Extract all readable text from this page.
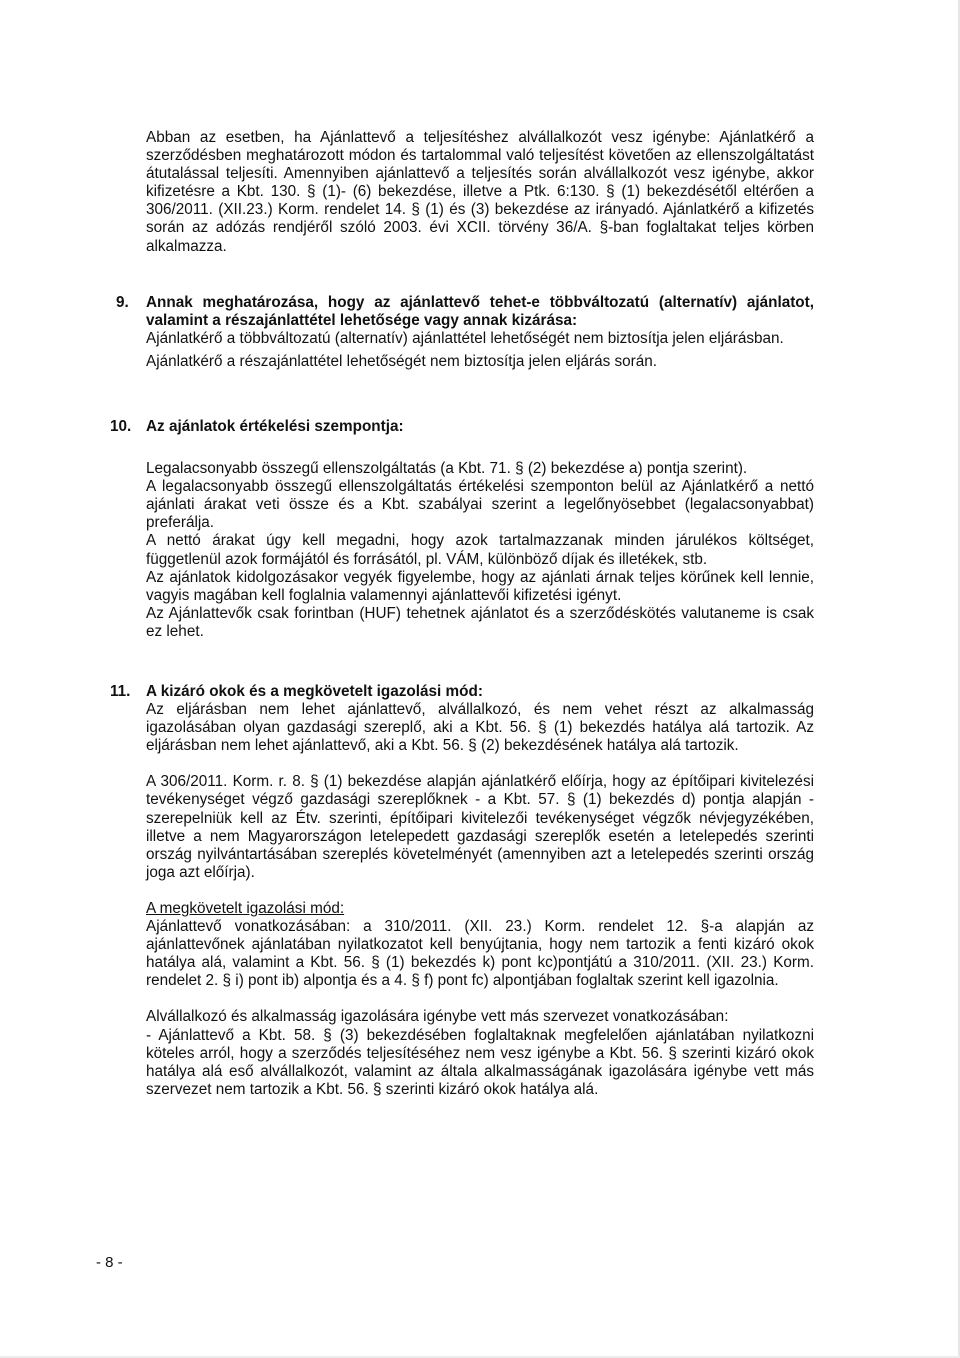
Abban az esetben, ha Ajánlattevő a teljesítéshez alvállalkozót vesz igénybe: Ajánlatkérő a szerződésben meghatározott módon és tartalommal való teljesítést követően az ellenszolgáltatást átutalással teljesíti. Amennyiben ajánlattevő a teljesítés során alvállalkozót vesz igénybe, akkor kifizetésre a Kbt. 130. § (1)- (6) bekezdése, illetve a Ptk. 6:130. § (1) bekezdésétől eltérően a 306/2011. (XII.23.) Korm. rendelet 14. § (1) és (3) bekezdése az irányadó. Ajánlatkérő a kifizetés során az adózás rendjéről szóló 2003. évi XCII. törvény 36/A. §-ban foglaltakat teljes körben alkalmazza.

9. Annak meghatározása, hogy az ajánlattevő tehet-e többváltozatú (alternatív) ajánlatot, valamint a részajánlattétel lehetősége vagy annak kizárása:

Ajánlatkérő a többváltozatú (alternatív) ajánlattétel lehetőségét nem biztosítja jelen eljárásban.

Ajánlatkérő a részajánlattétel lehetőségét nem biztosítja jelen eljárás során.

10. Az ajánlatok értékelési szempontja:

Legalacsonyabb összegű ellenszolgáltatás (a Kbt. 71. § (2) bekezdése a) pontja szerint).

A legalacsonyabb összegű ellenszolgáltatás értékelési szemponton belül az Ajánlatkérő a nettó ajánlati árakat veti össze és a Kbt. szabályai szerint a legelőnyösebbet (legalacsonyabbat) preferálja.

A nettó árakat úgy kell megadni, hogy azok tartalmazzanak minden járulékos költséget, függetlenül azok formájától és forrásától, pl. VÁM, különböző díjak és illetékek, stb.

Az ajánlatok kidolgozásakor vegyék figyelembe, hogy az ajánlati árnak teljes körűnek kell lennie, vagyis magában kell foglalnia valamennyi ajánlattevői kifizetési igényt.

Az Ajánlattevők csak forintban (HUF) tehetnek ajánlatot és a szerződéskötés valutaneme is csak ez lehet.

11. A kizáró okok és a megkövetelt igazolási mód:

Az eljárásban nem lehet ajánlattevő, alvállalkozó, és nem vehet részt az alkalmasság igazolásában olyan gazdasági szereplő, aki a Kbt. 56. § (1) bekezdés hatálya alá tartozik. Az eljárásban nem lehet ajánlattevő, aki a Kbt. 56. § (2) bekezdésének hatálya alá tartozik.

A 306/2011. Korm. r. 8. § (1) bekezdése alapján ajánlatkérő előírja, hogy az építőipari kivitelezési tevékenységet végző gazdasági szereplőknek - a Kbt. 57. § (1) bekezdés d) pontja alapján - szerepelniük kell az Étv. szerinti, építőipari kivitelezői tevékenységet végzők névjegyzékében, illetve a nem Magyarországon letelepedett gazdasági szereplők esetén a letelepedés szerinti ország nyilvántartásában szereplés követelményét (amennyiben azt a letelepedés szerinti ország joga azt előírja).

A megkövetelt igazolási mód:

Ajánlattevő vonatkozásában: a 310/2011. (XII. 23.) Korm. rendelet 12. §-a alapján az ajánlattevőnek ajánlatában nyilatkozatot kell benyújtania, hogy nem tartozik a fenti kizáró okok hatálya alá, valamint a Kbt. 56. § (1) bekezdés k) pont kc)pontjátú a 310/2011. (XII. 23.) Korm. rendelet 2. § i) pont ib) alpontja és a 4. § f) pont fc) alpontjában foglaltak szerint kell igazolnia.

Alvállalkozó és alkalmasság igazolására igénybe vett más szervezet vonatkozásában:

- Ajánlattevő a Kbt. 58. § (3) bekezdésében foglaltaknak megfelelően ajánlatában nyilatkozni köteles arról, hogy a szerződés teljesítéséhez nem vesz igénybe a Kbt. 56. § szerinti kizáró okok hatálya alá eső alvállalkozót, valamint az általa alkalmasságának igazolására igénybe vett más szervezet nem tartozik a Kbt. 56. § szerinti kizáró okok hatálya alá.

- 8 -
